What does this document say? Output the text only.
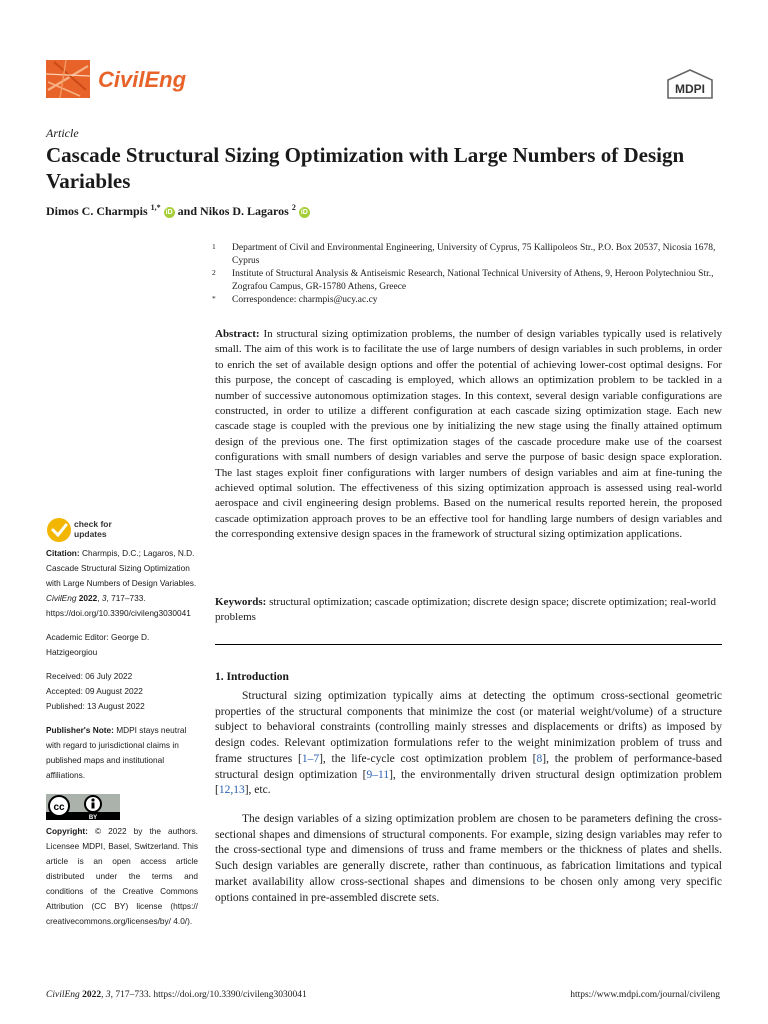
CivilEng	MDPI
Article
Cascade Structural Sizing Optimization with Large Numbers of Design Variables
Dimos C. Charmpis $^{1,*}$ iD and Nikos D. Lagaros $^2$ iD
1 Department of Civil and Environmental Engineering, University of Cyprus, 75 Kallipoleos Str., P.O. Box 20537, Nicosia 1678, Cyprus
2 Institute of Structural Analysis & Antiseismic Research, National Technical University of Athens, 9, Heroon Polytechniou Str., Zografou Campus, GR-15780 Athens, Greece
* Correspondence: charmpis@ucy.ac.cy

Abstract: In structural sizing optimization problems, the number of design variables typically used is relatively small. The aim of this work is to facilitate the use of large numbers of design variables in such problems, in order to enrich the set of available design options and offer the potential of achieving lower-cost optimal designs. For this purpose, the concept of cascading is employed, which allows an optimization problem to be tackled in a number of successive autonomous optimization stages. In this context, several design variable configurations are constructed, in order to utilize a different configuration at each cascade sizing optimization stage. Each new cascade stage is coupled with the previous one by initializing the new stage using the finally attained optimum design of the previous one. The first optimization stages of the cascade procedure make use of the coarsest configurations with small numbers of design variables and serve the purpose of basic design space exploration. The last stages exploit finer configurations with larger numbers of design variables and aim at fine-tuning the achieved optimal solution. The effectiveness of this sizing optimization approach is assessed using real-world aerospace and civil engineering design problems. Based on the numerical results reported herein, the proposed cascade optimization approach proves to be an effective tool for handling large numbers of design variables and the corresponding extensive design spaces in the framework of structural sizing optimization applications.

Keywords: structural optimization; cascade optimization; discrete design space; discrete optimization; real-world problems

1. Introduction

Structural sizing optimization typically aims at detecting the optimum cross-sectional geometric properties of the structural components that minimize the cost (or material weight/volume) of a structure subject to behavioral constraints (controlling mainly stresses and displacements or drifts) as imposed by design codes. Relevant optimization formulations refer to the weight minimization problem of truss and frame structures [1–7], the life-cycle cost optimization problem [8], the problem of performance-based structural design optimization [9–11], the environmentally driven structural design optimization problem [12,13], etc.

The design variables of a sizing optimization problem are chosen to be parameters defining the cross-sectional shapes and dimensions of structural components. For example, sizing design variables may refer to the cross-sectional type and dimensions of truss and frame members or the thickness of plates and shells. Such design variables are generally discrete, rather than continuous, as fabrication limitations and typical market availability allow cross-sectional shapes and dimensions to be chosen only among very specific options contained in pre-assembled discrete sets.

check for
updates

Citation: Charmpis, D.C.; Lagaros, N.D. Cascade Structural Sizing Optimization with Large Numbers of Design Variables. CivilEng 2022, 3, 717–733. https://doi.org/10.3390/civileng3030041

Academic Editor: George D. Hatzigeorgiou

Received: 06 July 2022

Accepted: 09 August 2022

Published: 13 August 2022

Publisher's Note: MDPI stays neutral with regard to jurisdictional claims in published maps and institutional affiliations.

cc
BY

Copyright: © 2022 by the authors. Licensee MDPI, Basel, Switzerland. This article is an open access article distributed under the terms and conditions of the Creative Commons Attribution (CC BY) license (https:// creativecommons.org/licenses/by/ 4.0/).

CivilEng 2022, 3, 717–733. https://doi.org/10.3390/civileng3030041	https://www.mdpi.com/journal/civileng
